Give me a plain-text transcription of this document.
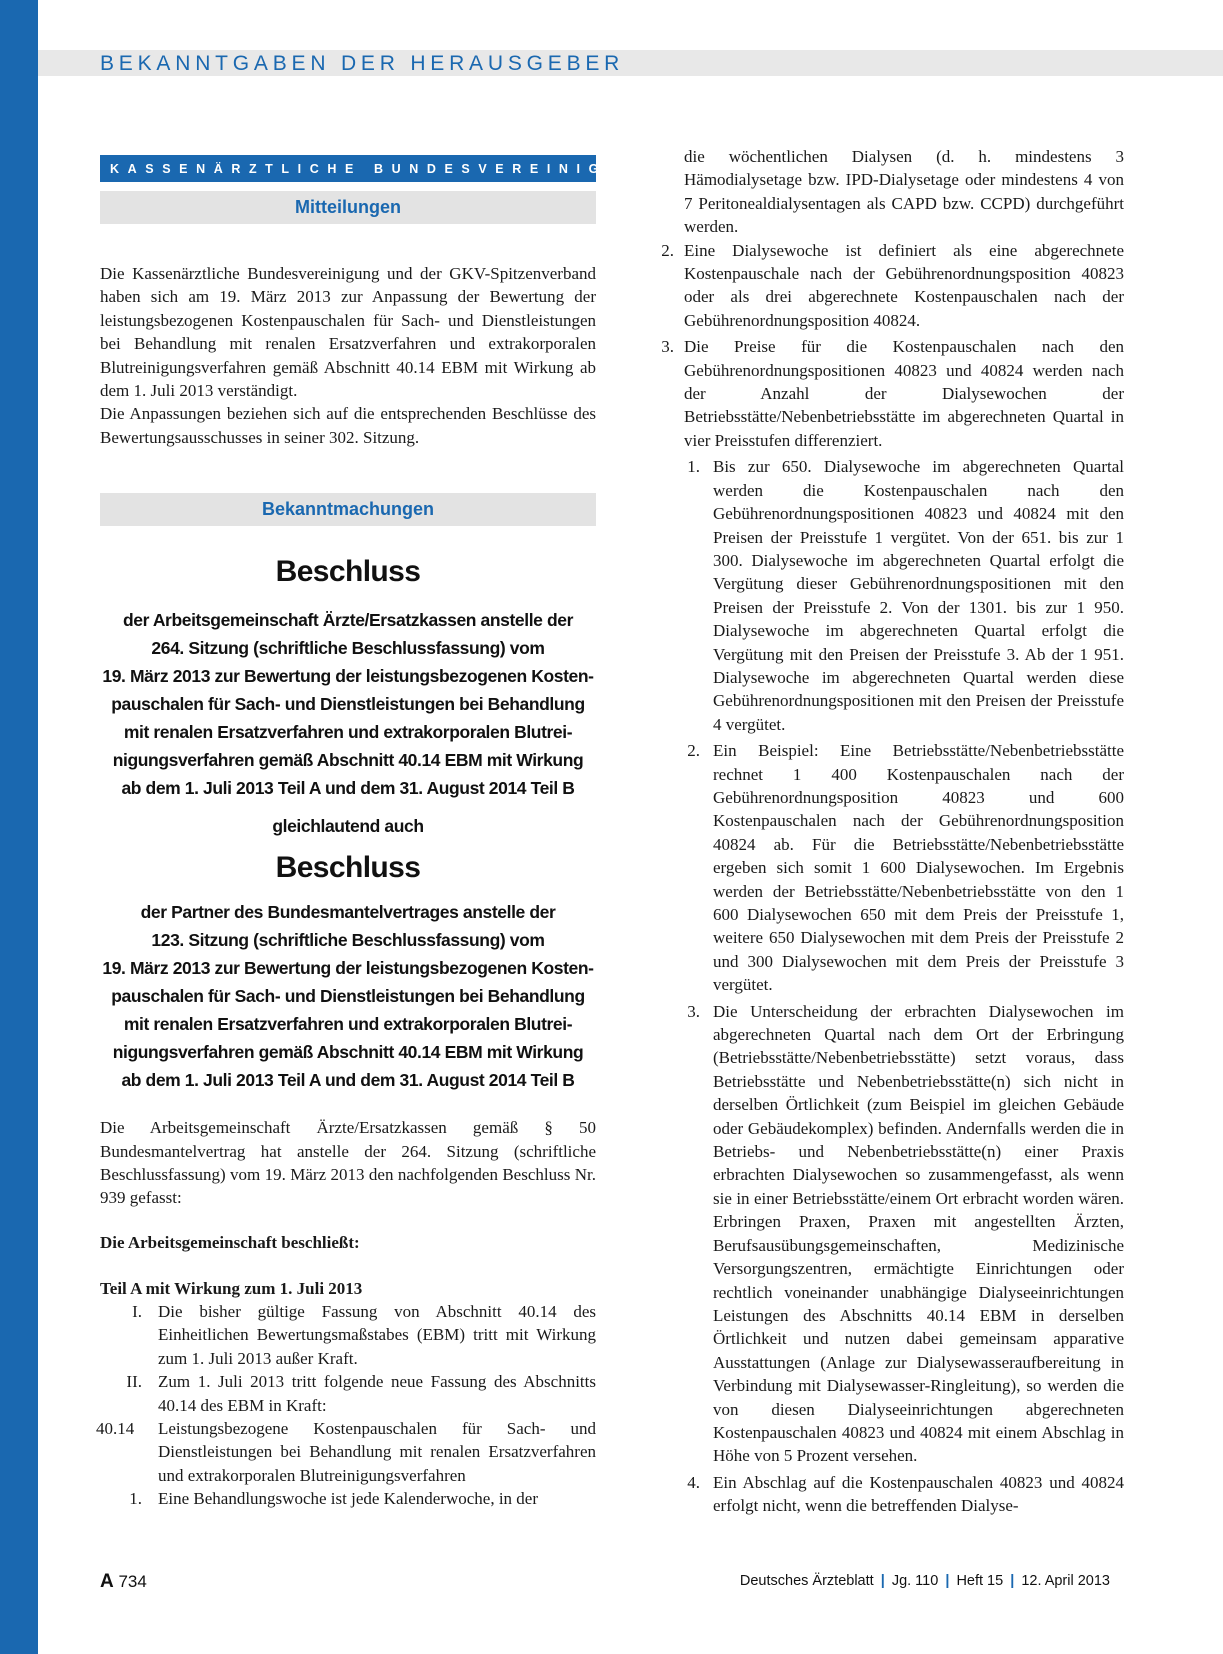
BEKANNTGABEN DER HERAUSGEBER
KASSENÄRZTLICHE BUNDESVEREINIGUNG
Mitteilungen

Die Kassenärztliche Bundesvereinigung und der GKV-Spitzenverband haben sich am 19. März 2013 zur Anpassung der Bewertung der leistungsbezogenen Kostenpauschalen für Sach- und Dienstleistungen bei Behandlung mit renalen Ersatzverfahren und extrakorporalen Blutreinigungsverfahren gemäß Abschnitt 40.14 EBM mit Wirkung ab dem 1. Juli 2013 verständigt.

Die Anpassungen beziehen sich auf die entsprechenden Beschlüsse des Bewertungsausschusses in seiner 302. Sitzung.

Bekanntmachungen
Beschluss
der Arbeitsgemeinschaft Ärzte/Ersatzkassen anstelle der
264. Sitzung (schriftliche Beschlussfassung) vom
19. März 2013 zur Bewertung der leistungsbezogenen Kosten-
pauschalen für Sach- und Dienstleistungen bei Behandlung
mit renalen Ersatzverfahren und extrakorporalen Blutrei-
nigungsverfahren gemäß Abschnitt 40.14 EBM mit Wirkung
ab dem 1. Juli 2013 Teil A und dem 31. August 2014 Teil B
gleichlautend auch
Beschluss
der Partner des Bundesmantelvertrages anstelle der
123. Sitzung (schriftliche Beschlussfassung) vom
19. März 2013 zur Bewertung der leistungsbezogenen Kosten-
pauschalen für Sach- und Dienstleistungen bei Behandlung
mit renalen Ersatzverfahren und extrakorporalen Blutrei-
nigungsverfahren gemäß Abschnitt 40.14 EBM mit Wirkung
ab dem 1. Juli 2013 Teil A und dem 31. August 2014 Teil B

Die Arbeitsgemeinschaft Ärzte/Ersatzkassen gemäß § 50 Bundesmantelvertrag hat anstelle der 264. Sitzung (schriftliche Beschlussfassung) vom 19. März 2013 den nachfolgenden Beschluss Nr. 939 gefasst:

Die Arbeitsgemeinschaft beschließt:

Teil A mit Wirkung zum 1. Juli 2013

I. Die bisher gültige Fassung von Abschnitt 40.14 des Einheitlichen Bewertungsmaßstabes (EBM) tritt mit Wirkung zum 1. Juli 2013 außer Kraft.
II. Zum 1. Juli 2013 tritt folgende neue Fassung des Abschnitts 40.14 des EBM in Kraft:
40.14 Leistungsbezogene Kostenpauschalen für Sach- und Dienstleistungen bei Behandlung mit renalen Ersatzverfahren und extrakorporalen Blutreinigungsverfahren
1. Eine Behandlungswoche ist jede Kalenderwoche, in der

die wöchentlichen Dialysen (d. h. mindestens 3 Hämodialysetage bzw. IPD-Dialysetage oder mindestens 4 von 7 Peritonealdialysentagen als CAPD bzw. CCPD) durchgeführt werden.

2. Eine Dialysewoche ist definiert als eine abgerechnete Kostenpauschale nach der Gebührenordnungsposition 40823 oder als drei abgerechnete Kostenpauschalen nach der Gebührenordnungsposition 40824.
3. Die Preise für die Kostenpauschalen nach den Gebührenordnungspositionen 40823 und 40824 werden nach der Anzahl der Dialysewochen der Betriebsstätte/Nebenbetriebsstätte im abgerechneten Quartal in vier Preisstufen differenziert.
1. Bis zur 650. Dialysewoche im abgerechneten Quartal werden die Kostenpauschalen nach den Gebührenordnungspositionen 40823 und 40824 mit den Preisen der Preisstufe 1 vergütet. Von der 651. bis zur 1 300. Dialysewoche im abgerechneten Quartal erfolgt die Vergütung dieser Gebührenordnungspositionen mit den Preisen der Preisstufe 2. Von der 1301. bis zur 1 950. Dialysewoche im abgerechneten Quartal erfolgt die Vergütung mit den Preisen der Preisstufe 3. Ab der 1 951. Dialysewoche im abgerechneten Quartal werden diese Gebührenordnungspositionen mit den Preisen der Preisstufe 4 vergütet.
2. Ein Beispiel: Eine Betriebsstätte/Nebenbetriebsstätte rechnet 1 400 Kostenpauschalen nach der Gebührenordnungsposition 40823 und 600 Kostenpauschalen nach der Gebührenordnungsposition 40824 ab. Für die Betriebsstätte/Nebenbetriebsstätte ergeben sich somit 1 600 Dialysewochen. Im Ergebnis werden der Betriebsstätte/Nebenbetriebsstätte von den 1 600 Dialysewochen 650 mit dem Preis der Preisstufe 1, weitere 650 Dialysewochen mit dem Preis der Preisstufe 2 und 300 Dialysewochen mit dem Preis der Preisstufe 3 vergütet.
3. Die Unterscheidung der erbrachten Dialysewochen im abgerechneten Quartal nach dem Ort der Erbringung (Betriebsstätte/Nebenbetriebsstätte) setzt voraus, dass Betriebsstätte und Nebenbetriebsstätte(n) sich nicht in derselben Örtlichkeit (zum Beispiel im gleichen Gebäude oder Gebäudekomplex) befinden. Andernfalls werden die in Betriebs- und Nebenbetriebsstätte(n) einer Praxis erbrachten Dialysewochen so zusammengefasst, als wenn sie in einer Betriebsstätte/einem Ort erbracht worden wären. Erbringen Praxen, Praxen mit angestellten Ärzten, Berufsausübungsgemeinschaften, Medizinische Versorgungszentren, ermächtigte Einrichtungen oder rechtlich voneinander unabhängige Dialyseeinrichtungen Leistungen des Abschnitts 40.14 EBM in derselben Örtlichkeit und nutzen dabei gemeinsam apparative Ausstattungen (Anlage zur Dialysewasseraufbereitung in Verbindung mit Dialysewasser-Ringleitung), so werden die von diesen Dialyseeinrichtungen abgerechneten Kostenpauschalen 40823 und 40824 mit einem Abschlag in Höhe von 5 Prozent versehen.
4. Ein Abschlag auf die Kostenpauschalen 40823 und 40824 erfolgt nicht, wenn die betreffenden Dialyse-
A 734	Deutsches Ärzteblatt | Jg. 110 | Heft 15 | 12. April 2013
